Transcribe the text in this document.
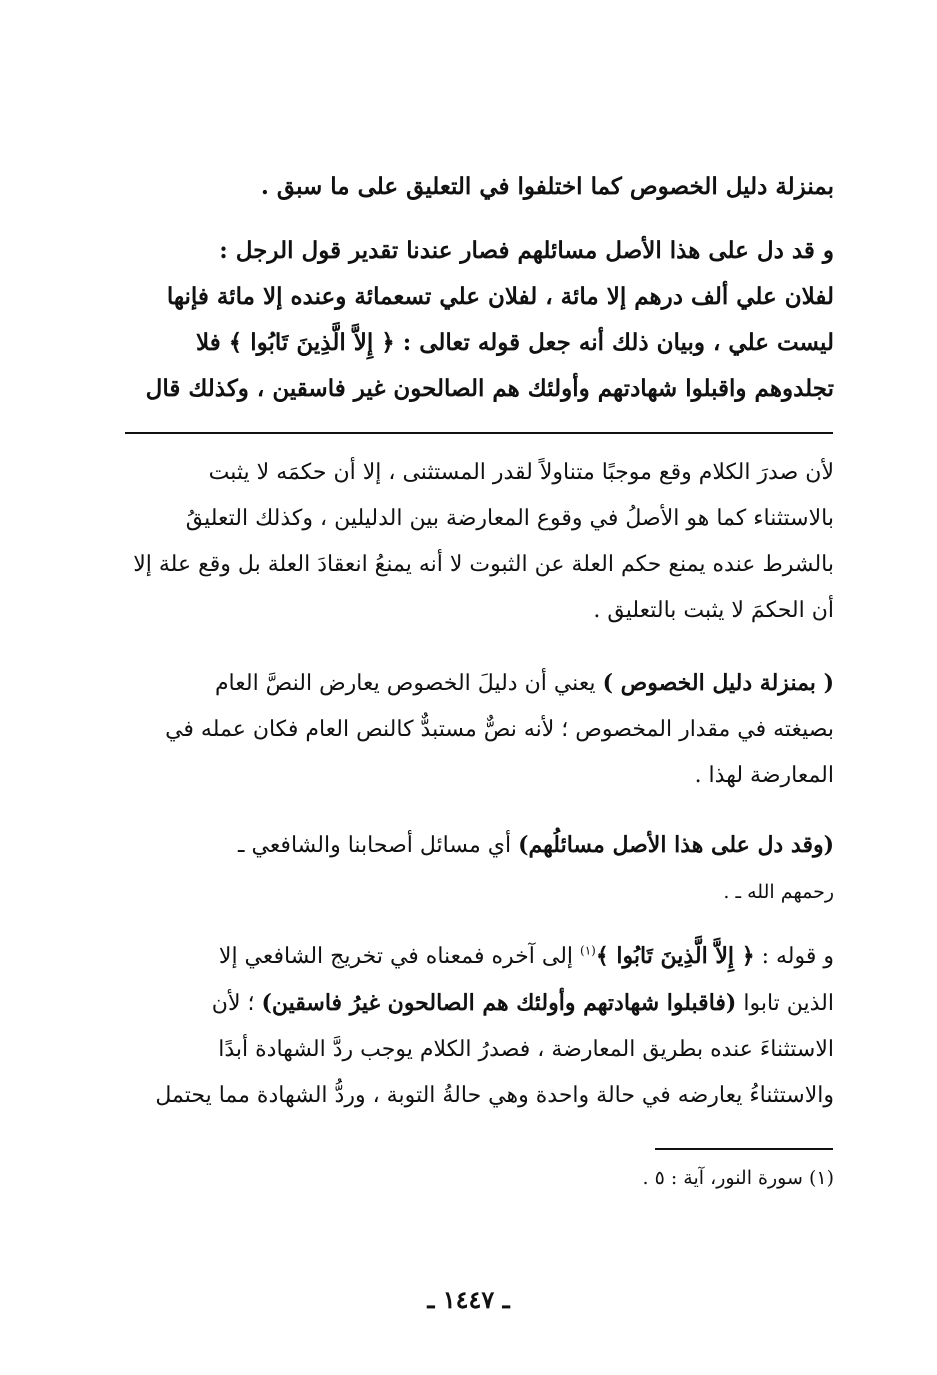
بمنزلة دليل الخصوص كما اختلفوا في التعليق على ما سبق .
و قد دل على هذا الأصل مسائلهم فصار عندنا تقدير قول الرجل :
لفلان علي ألف درهم إلا مائة ، لفلان علي تسعمائة وعنده إلا مائة فإنها
ليست علي ، وبيان ذلك أنه جعل قوله تعالى : ﴿ إِلاَّ الَّذِينَ تَابُوا ﴾ فلا
تجلدوهم واقبلوا شهادتهم وأولئك هم الصالحون غير فاسقين ، وكذلك قال
لأن صدرَ الكلام وقع موجبًا متناولاً لقدر المستثنى ، إلا أن حكمَه لا يثبت
بالاستثناء كما هو الأصلُ في وقوع المعارضة بين الدليلين ، وكذلك التعليقُ
بالشرط عنده يمنع حكم العلة عن الثبوت لا أنه يمنعُ انعقادَ العلة بل وقع علة إلا
أن الحكمَ لا يثبت بالتعليق .
( بمنزلة دليل الخصوص ) يعني أن دليلَ الخصوص يعارض النصَّ العام
بصيغته في مقدار المخصوص ؛ لأنه نصٌّ مستبدٌّ كالنص العام فكان عمله في
المعارضة لهذا .
(وقد دل على هذا الأصل مسائلُهم) أي مسائل أصحابنا والشافعي ـ
رحمهم الله ـ .
و قوله : ﴿ إِلاَّ الَّذِينَ تَابُوا ﴾$^{(١)}$ إلى آخره فمعناه في تخريج الشافعي إلا
الذين تابوا (فاقبلوا شهادتهم وأولئك هم الصالحون غيرُ فاسقين) ؛ لأن
الاستثناءَ عنده بطريق المعارضة ، فصدرُ الكلام يوجب ردَّ الشهادة أبدًا
والاستثناءُ يعارضه في حالة واحدة وهي حالةُ التوبة ، وردُّ الشهادة مما يحتمل
(١) سورة النور، آية : ٥ .
ـ ١٤٤٧ ـ
